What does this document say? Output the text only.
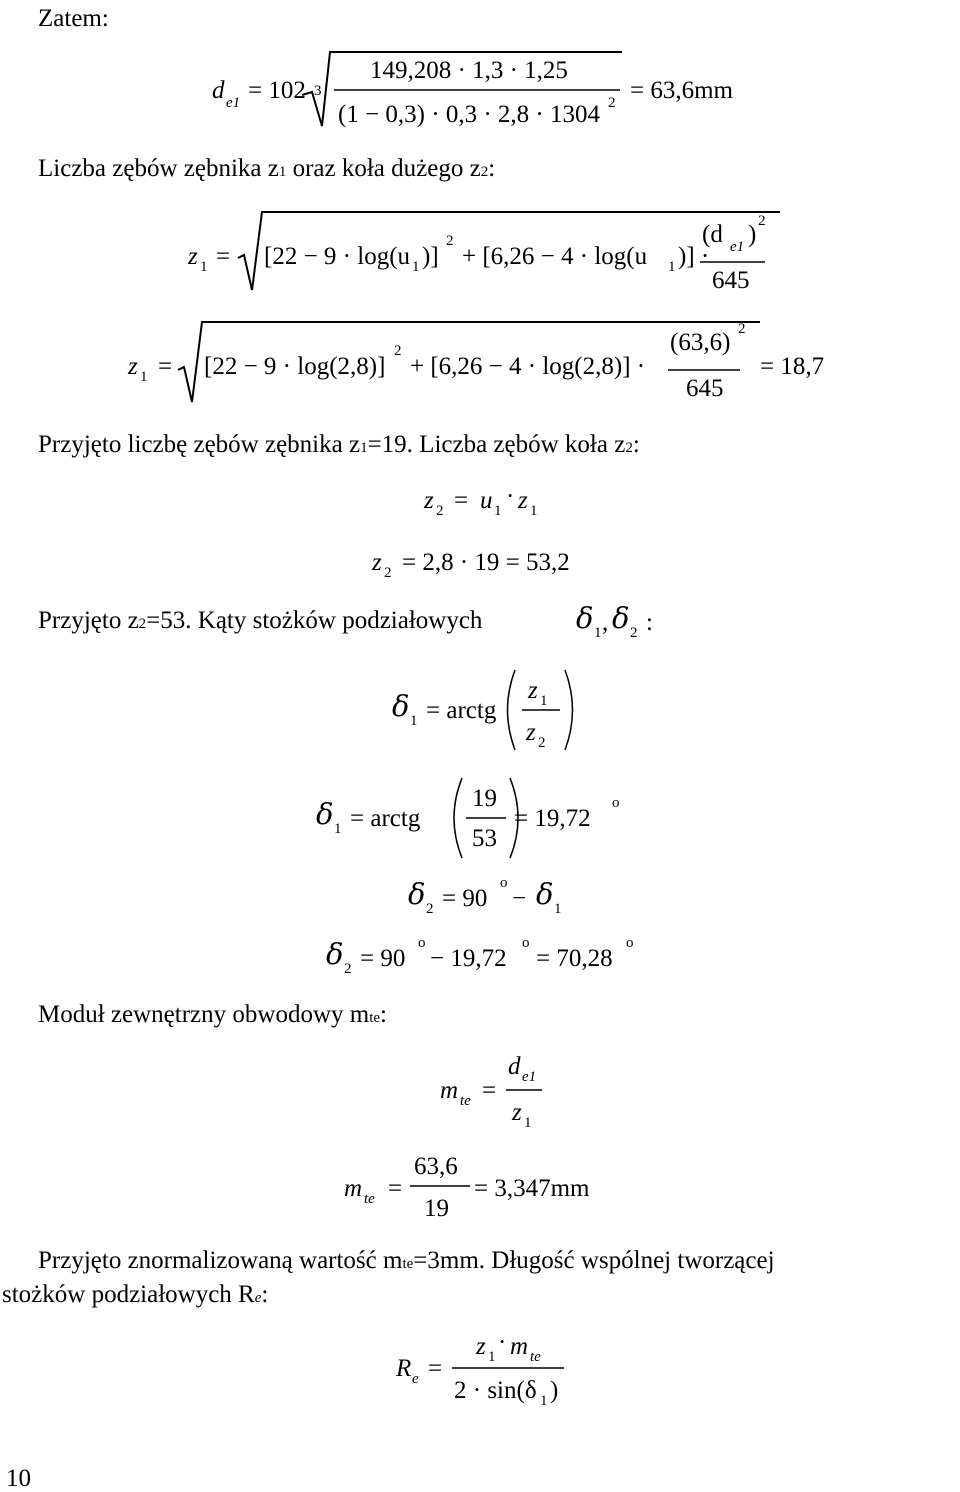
Zatem:
d e1 = 102 3
149,208 · 1,3 · 1,25
(1 − 0,3) · 0,3 · 2,8 · 1304 2 = 63,6mm
Liczba zębów zębnika z1 oraz koła dużego z2:
z 1 = [22 − 9 · log(u 1 )]
2
+ [6,26 − 4 · log(u 1 )] ·
(d e1 ) 2
645
z 1 = [22 − 9 · log(2,8)]
2
+ [6,26 − 4 · log(2,8)] ·
(63,6) 2
645
= 18,7
Przyjęto liczbę zębów zębnika z1=19. Liczba zębów koła z2:
z 2 = u 1
· z 1
z 2 = 2,8 · 19 = 53,2
Przyjęto z2=53. Kąty stożków podziałowych	δ 1 , δ 2 :
δ 1 = arctg
z 1
z 2
δ 1 = arctg
19
53
= 19,72
o
δ 2 = 90
o
− δ 1
δ 2 = 90
o
− 19,72
o
= 70,28
o
Moduł zewnętrzny obwodowy mte:
m te =
d e1
z 1
m te =
63,6
19
= 3,347mm
Przyjęto znormalizowaną wartość mte=3mm. Długość wspólnej tworzącej
stożków podziałowych Re:
R e =
z 1
· m te
2 · sin(δ 1 )
10
